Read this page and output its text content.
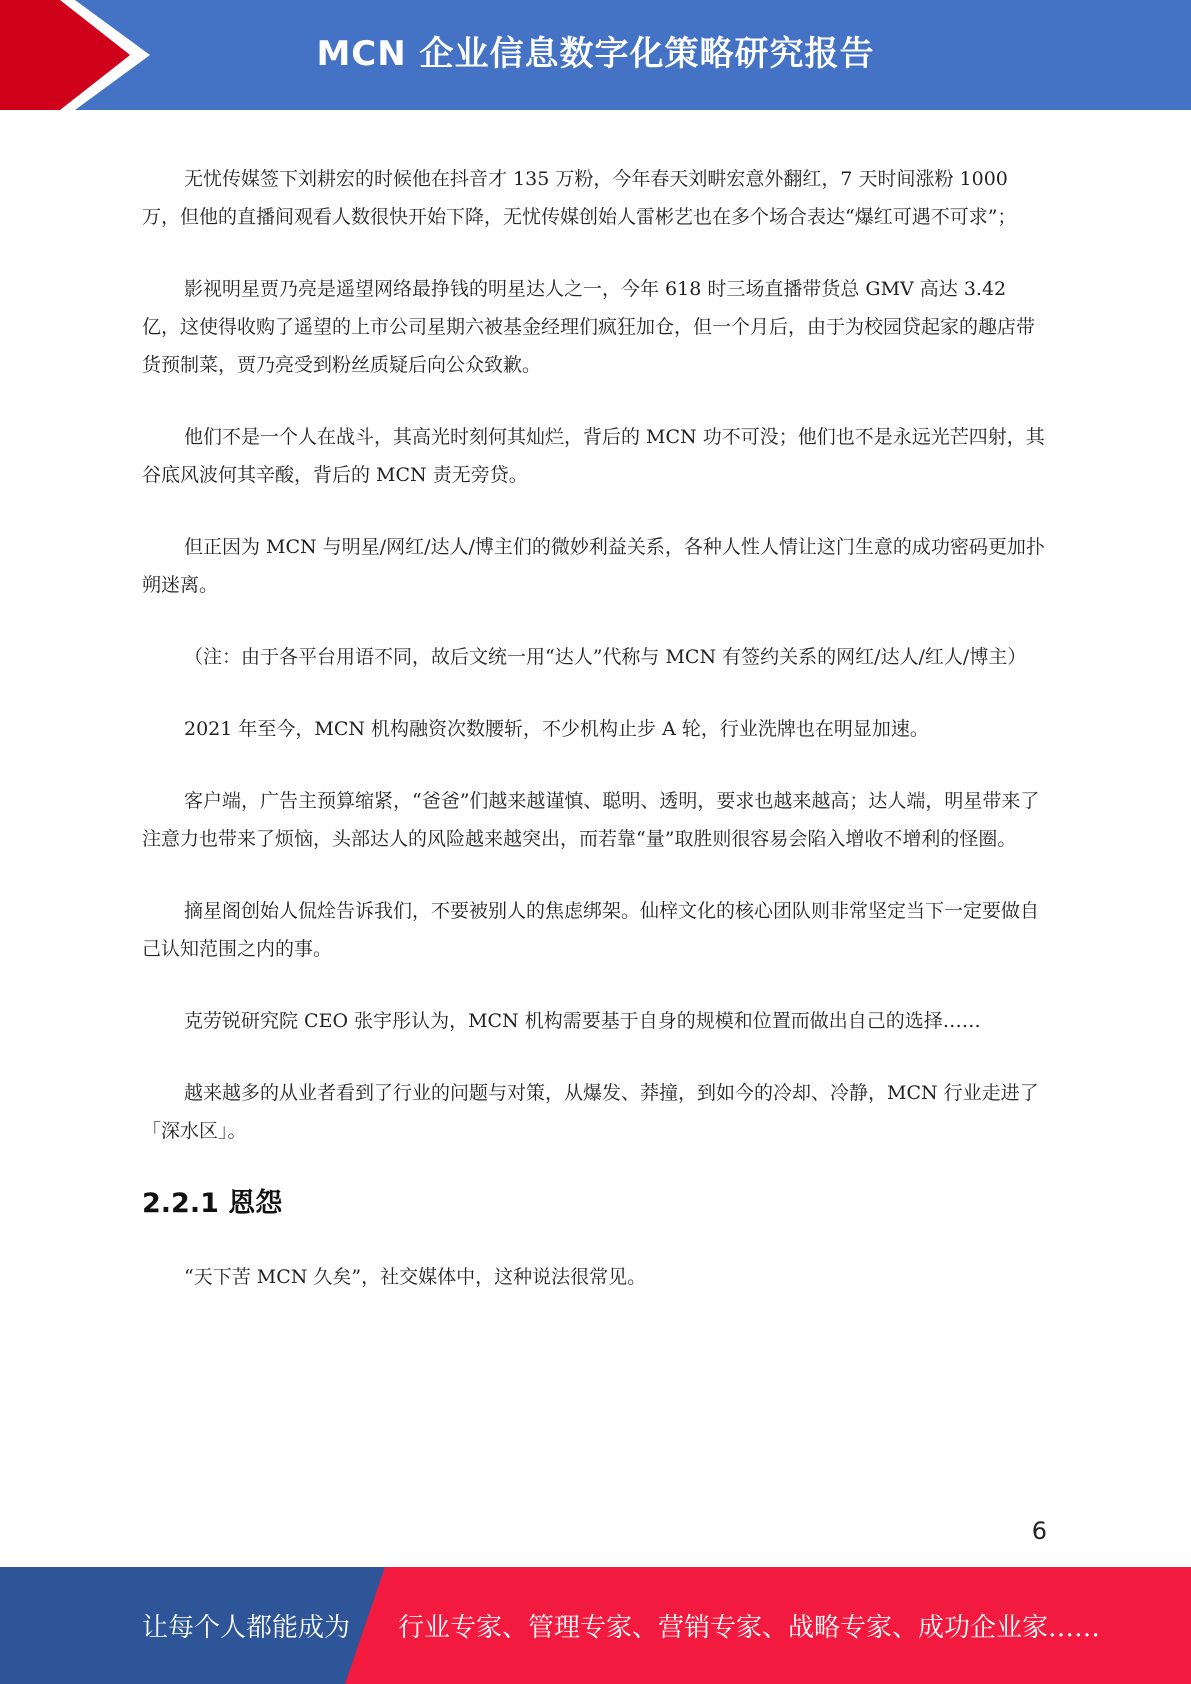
MCN 企业信息数字化策略研究报告

无忧传媒签下刘耕宏的时候他在抖音才 135 万粉，今年春天刘畊宏意外翻红，7 天时间涨粉 1000 万，但他的直播间观看人数很快开始下降，无忧传媒创始人雷彬艺也在多个场合表达“爆红可遇不可求”；

影视明星贾乃亮是遥望网络最挣钱的明星达人之一，今年 618 时三场直播带货总 GMV 高达 3.42 亿，这使得收购了遥望的上市公司星期六被基金经理们疯狂加仓，但一个月后，由于为校园贷起家的趣店带货预制菜，贾乃亮受到粉丝质疑后向公众致歉。

他们不是一个人在战斗，其高光时刻何其灿烂，背后的 MCN 功不可没；他们也不是永远光芒四射，其谷底风波何其辛酸，背后的 MCN 责无旁贷。

但正因为 MCN 与明星/网红/达人/博主们的微妙利益关系，各种人性人情让这门生意的成功密码更加扑朔迷离。

（注：由于各平台用语不同，故后文统一用“达人”代称与 MCN 有签约关系的网红/达人/红人/博主）

2021 年至今，MCN 机构融资次数腰斩，不少机构止步 A 轮，行业洗牌也在明显加速。

客户端，广告主预算缩紧，“爸爸”们越来越谨慎、聪明、透明，要求也越来越高；达人端，明星带来了注意力也带来了烦恼，头部达人的风险越来越突出，而若靠“量”取胜则很容易会陷入增收不增利的怪圈。

摘星阁创始人侃烇告诉我们，不要被别人的焦虑绑架。仙梓文化的核心团队则非常坚定当下一定要做自己认知范围之内的事。

克劳锐研究院 CEO 张宇彤认为，MCN 机构需要基于自身的规模和位置而做出自己的选择……

越来越多的从业者看到了行业的问题与对策，从爆发、莽撞，到如今的冷却、冷静，MCN 行业走进了「深水区」。

2.2.1 恩怨

“天下苦 MCN 久矣”，社交媒体中，这种说法很常见。

6
让每个人都能成为 行业专家、管理专家、营销专家、战略专家、成功企业家……
